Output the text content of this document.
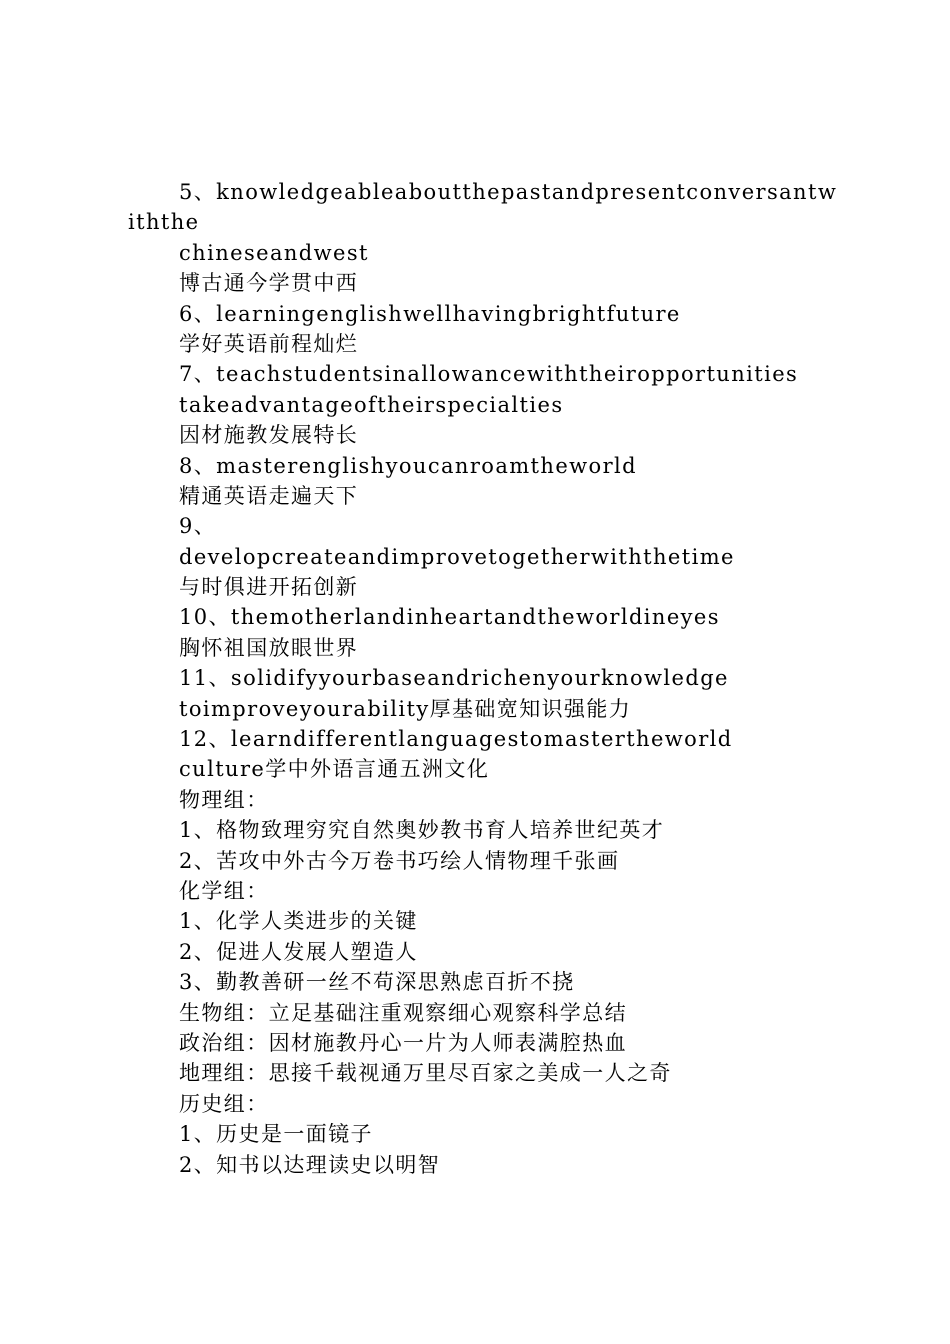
5、knowledgeableaboutthepastandpresentconversantwiththe
chineseandwest
博古通今学贯中西
6、learningenglishwellhavingbrightfuture
学好英语前程灿烂
7、teachstudentsinallowancewiththeiropportunities
takeadvantageoftheirspecialties
因材施教发展特长
8、masterenglishyoucanroamtheworld
精通英语走遍天下
9、
developcreateandimprovetogetherwiththetime
与时俱进开拓创新
10、themotherlandinheartandtheworldineyes
胸怀祖国放眼世界
11、solidifyyourbaseandrichenyourknowledge
toimproveyourability厚基础宽知识强能力
12、learndifferentlanguagestomastertheworld
culture学中外语言通五洲文化
物理组：
1、格物致理穷究自然奥妙教书育人培养世纪英才
2、苦攻中外古今万卷书巧绘人情物理千张画
化学组：
1、化学人类进步的关键
2、促进人发展人塑造人
3、勤教善研一丝不苟深思熟虑百折不挠
生物组：立足基础注重观察细心观察科学总结
政治组：因材施教丹心一片为人师表满腔热血
地理组：思接千载视通万里尽百家之美成一人之奇
历史组：
1、历史是一面镜子
2、知书以达理读史以明智
